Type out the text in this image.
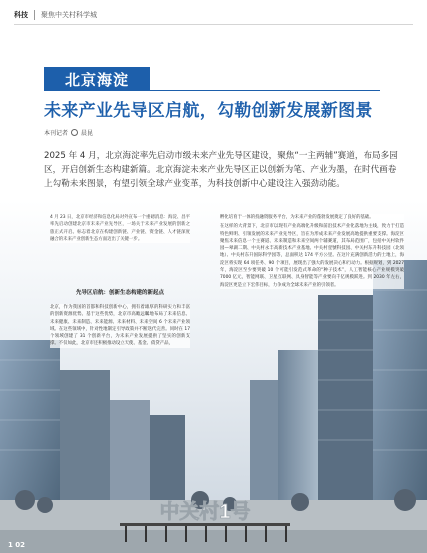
科技	聚焦中关村科学城
北京海淀
未来产业先导区启航，勾勒创新发展新图景
本刊记者 晨昆

2025 年 4 月，北京海淀率先启动市级未来产业先导区建设，聚焦“一主两辅”赛道，布局多园区，开启创新生态构建新篇。北京海淀未来产业先导区正以创新为笔、产业为墨，在时代画卷上勾勒未来图景，有望引领全球产业变革，为科技创新中心建设注入强劲动能。

中关村1号

4 月 23 日，北京市经济和信息化局对外宣布一个重磅消息：海淀、昌平率先启动创建北京市未来产业先导区，一场关于未来产业发展的创新之旅正式开启。标志着北京在构建创新链、产业链、资金链、人才链深度融合的未来产业创新生态方面迈出了关键一步。

先导区启航：创新生态构建的新起点

北京，作为我国的首都和科技创新中心，拥有着雄厚的科研实力和丰富的创新资源优势。基于这些优势，北京市高瞻远瞩地布局了未来信息、未来健康、未来制造、未来能源、未来材料、未来空间 6 个未来产业领域。在这些领域中，针对性地制定引导政策并不断迭代完善。同时在 17 个领域创建了 31 个创新平台，为未来产业发展提供了坚实的创新支撑。不仅如此，北京市还积极推动设立天使、基金、债贷产品，

孵化培育于一体的投融资服务平台，为未来产业的蓬勃发展奠定了良好的基础。

在这样的大背景下，北京市以现有产业高端化升级和前沿技术产业化落地为主线，致力于打造特色鲜明、引领发展的未来产业先导区，旨在为形成未来产业发展高地提供重要支撑。海淀区聚焦未来信息一个主赛道、未来制造和未来空间两个辅赛道，其布局范围广，包括中关村软件园—翠湖二期、中关村永丰高新技术产业基地、中关村壹號科技园、中关村东升科技园（北领地）、中关村东升国际科学园等，总面积达 174 平方公里。在这片充满创新活力的土地上，海淀区将实现 64 项任务、90 个项目，展现出了强大的发展决心和行动力。根据规划，到 2027 年，海淀区至少要突破 10 个可能引发范式革命的“种子技术”，人工智能核心产业规模突破 7000 亿元，智能网联、卫星互联网、具身智能等产业要向千亿规模跃进。到 2030 年左右，海淀区更是立下宏伟目标，力争成为全球未来产业的引领者。

1 02
